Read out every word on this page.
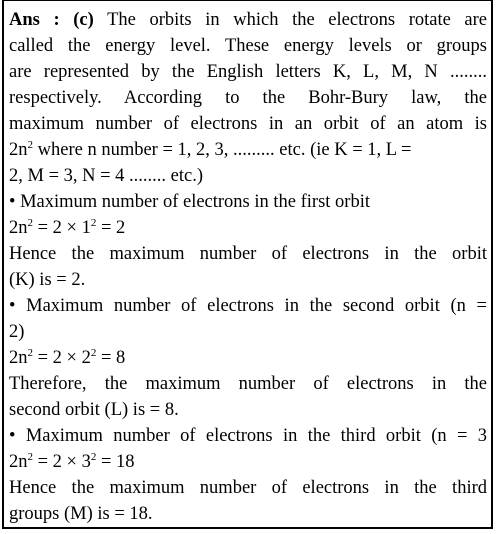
Ans : (c) The orbits in which the electrons rotate are
called the energy level. These energy levels or groups
are represented by the English letters K, L, M, N ........
respectively. According to the Bohr-Bury law, the
maximum number of electrons in an orbit of an atom is
$2n^2$ where n number = 1, 2, 3, ......... etc. (ie K = 1, L =
2, M = 3, N = 4 ........ etc.)
• Maximum number of electrons in the first orbit
$2n^2 = 2 \times 1^2 = 2$
Hence the maximum number of electrons in the orbit
(K) is = 2.
• Maximum number of electrons in the second orbit (n =
2)
$2n^2 = 2 \times 2^2 = 8$
Therefore, the maximum number of electrons in the
second orbit (L) is = 8.
• Maximum number of electrons in the third orbit (n = 3
$2n^2 = 2 \times 3^2 = 18$
Hence the maximum number of electrons in the third
groups (M) is = 18.
